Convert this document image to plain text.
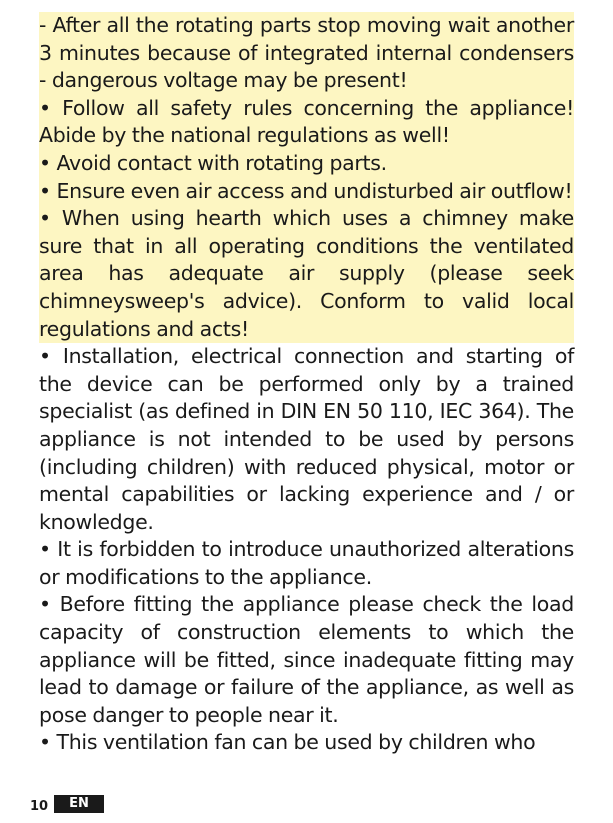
- After all the rotating parts stop moving wait another 3 minutes because of integrated internal condensers - dangerous voltage may be present!

• Follow all safety rules concerning the appliance! Abide by the national regulations as well!

• Avoid contact with rotating parts.

• Ensure even air access and undisturbed air outflow!

• When using hearth which uses a chimney make sure that in all operating conditions the ventilated area has adequate air supply (please seek chimneysweep's advice). Conform to valid local regulations and acts!

• Installation, electrical connection and starting of the device can be performed only by a trained specialist (as defined in DIN EN 50 110, IEC 364). The appliance is not intended to be used by persons (including children) with reduced physical, motor or mental capabilities or lacking experience and / or knowledge.

• It is forbidden to introduce unauthorized alterations or modifications to the appliance.

• Before fitting the appliance please check the load capacity of construction elements to which the appliance will be fitted, since inadequate fitting may lead to damage or failure of the appliance, as well as pose danger to people near it.

• This ventilation fan can be used by children who

10	EN
